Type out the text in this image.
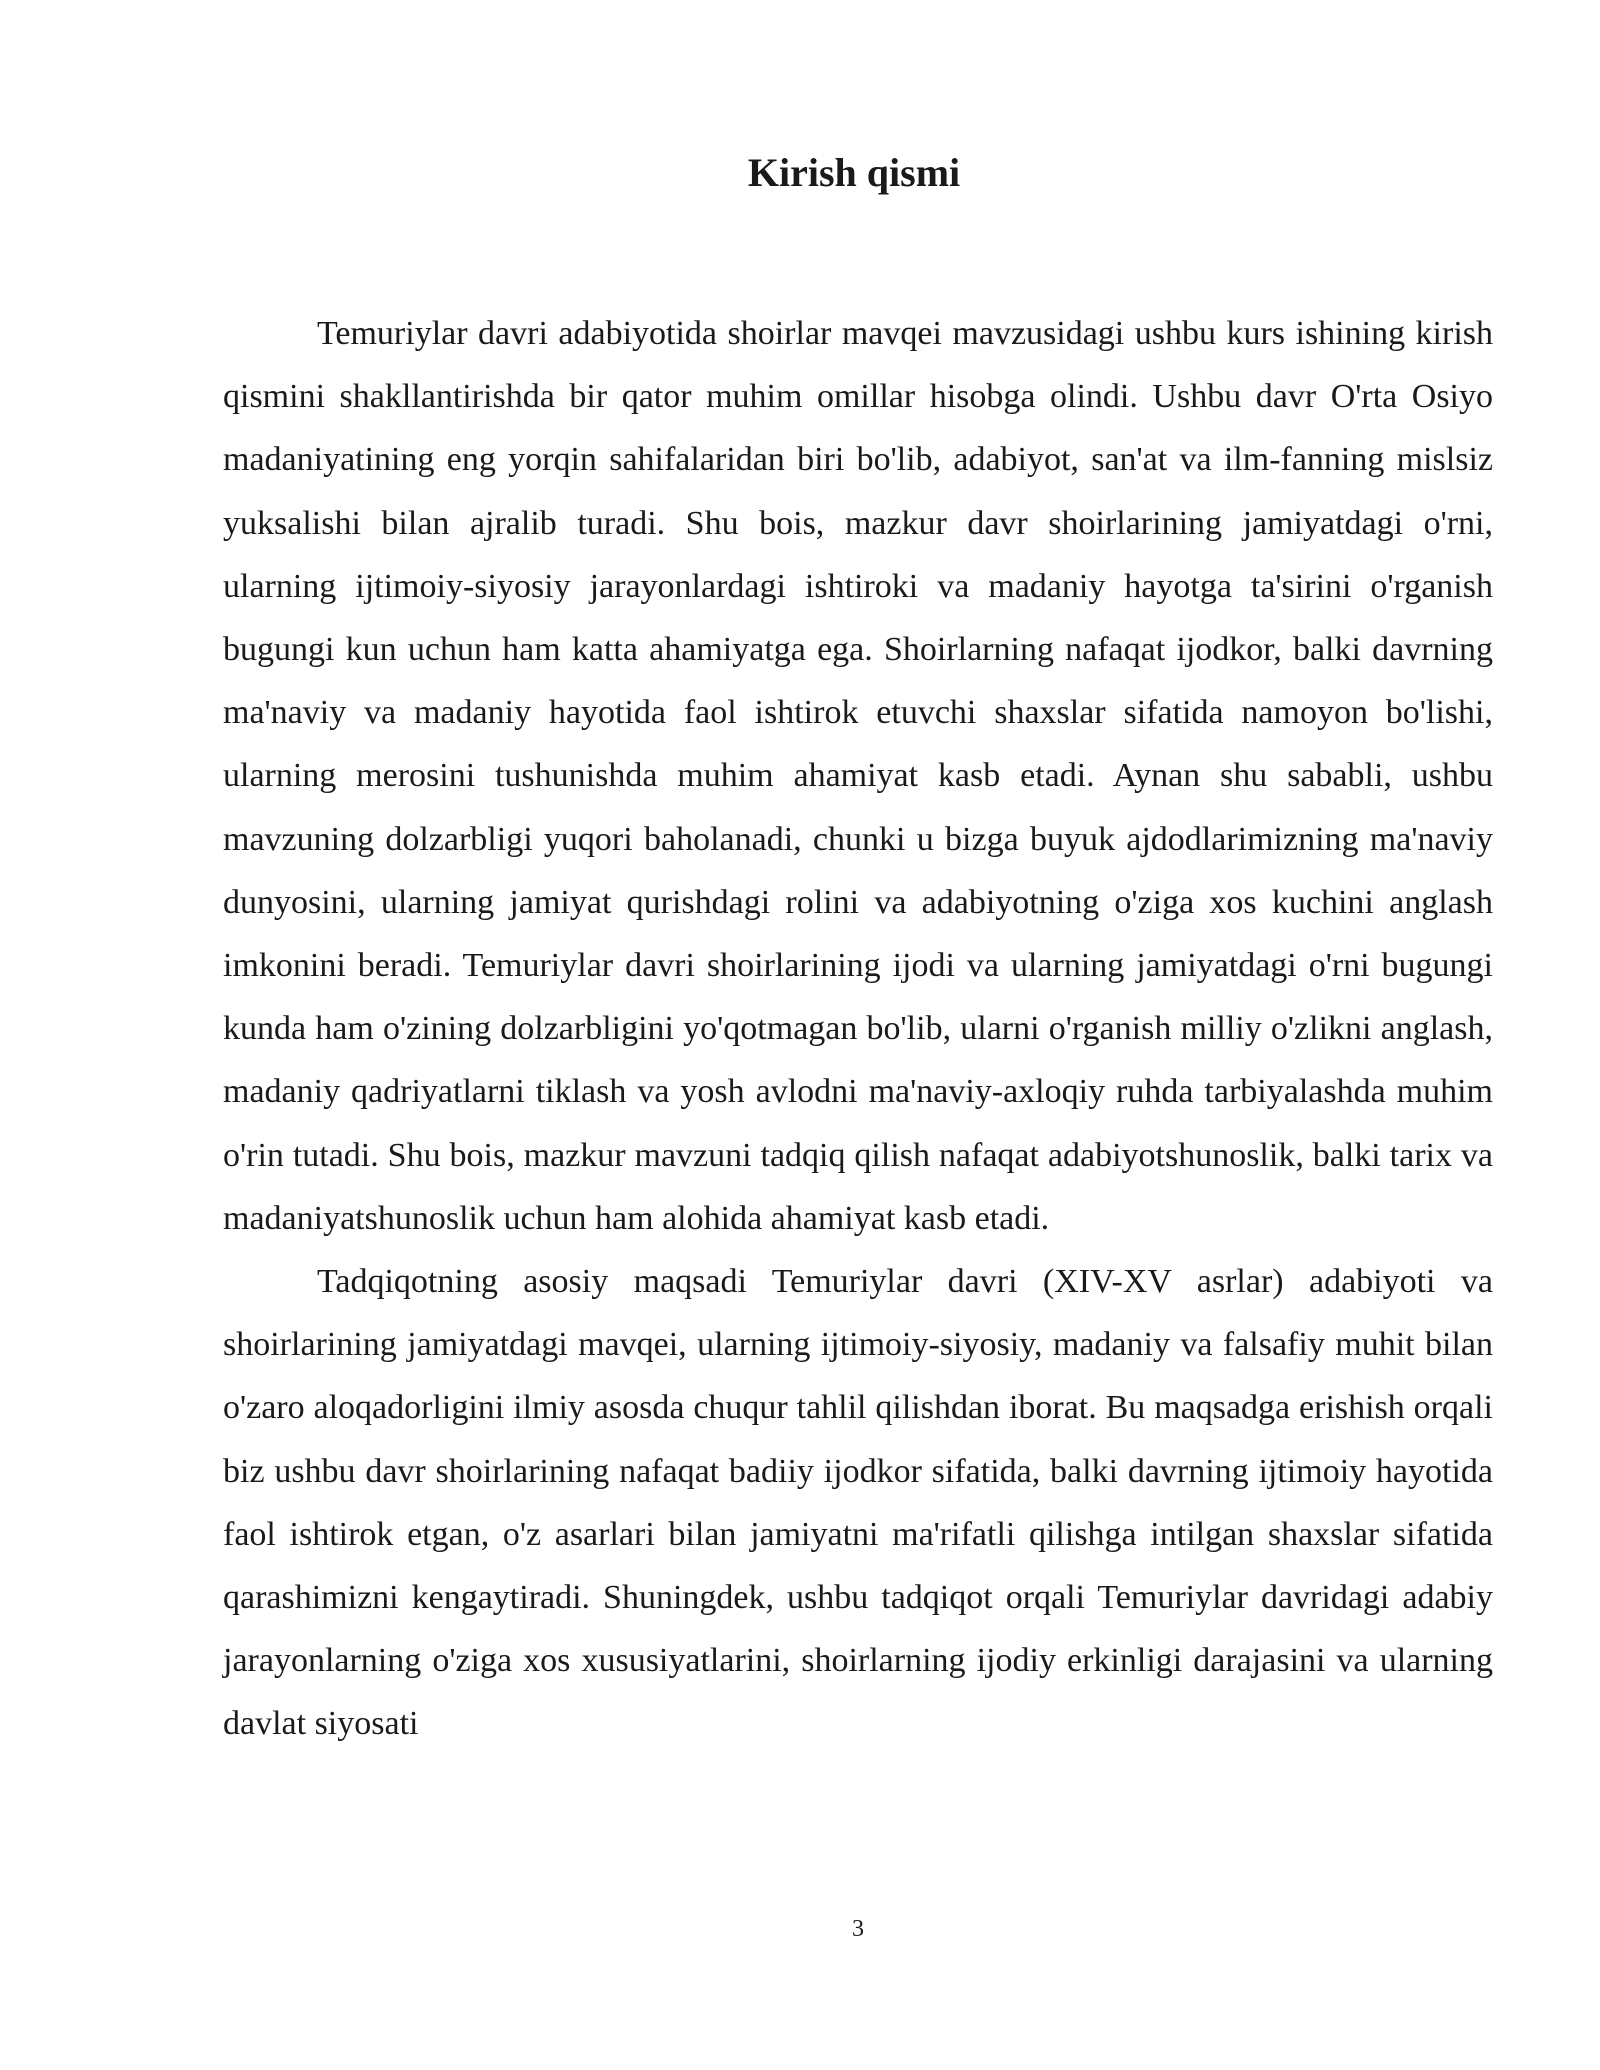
Kirish qismi

Temuriylar davri adabiyotida shoirlar mavqei mavzusidagi ushbu kurs ishining kirish qismini shakllantirishda bir qator muhim omillar hisobga olindi. Ushbu davr O'rta Osiyo madaniyatining eng yorqin sahifalaridan biri bo'lib, adabiyot, san'at va ilm-fanning mislsiz yuksalishi bilan ajralib turadi. Shu bois, mazkur davr shoirlarining jamiyatdagi o'rni, ularning ijtimoiy-siyosiy jarayonlardagi ishtiroki va madaniy hayotga ta'sirini o'rganish bugungi kun uchun ham katta ahamiyatga ega. Shoirlarning nafaqat ijodkor, balki davrning ma'naviy va madaniy hayotida faol ishtirok etuvchi shaxslar sifatida namoyon bo'lishi, ularning merosini tushunishda muhim ahamiyat kasb etadi. Aynan shu sababli, ushbu mavzuning dolzarbligi yuqori baholanadi, chunki u bizga buyuk ajdodlarimizning ma'naviy dunyosini, ularning jamiyat qurishdagi rolini va adabiyotning o'ziga xos kuchini anglash imkonini beradi. Temuriylar davri shoirlarining ijodi va ularning jamiyatdagi o'rni bugungi kunda ham o'zining dolzarbligini yo'qotmagan bo'lib, ularni o'rganish milliy o'zlikni anglash, madaniy qadriyatlarni tiklash va yosh avlodni ma'naviy-axloqiy ruhda tarbiyalashda muhim o'rin tutadi. Shu bois, mazkur mavzuni tadqiq qilish nafaqat adabiyotshunoslik, balki tarix va madaniyatshunoslik uchun ham alohida ahamiyat kasb etadi.

Tadqiqotning asosiy maqsadi Temuriylar davri (XIV-XV asrlar) adabiyoti va shoirlarining jamiyatdagi mavqei, ularning ijtimoiy-siyosiy, madaniy va falsafiy muhit bilan o'zaro aloqadorligini ilmiy asosda chuqur tahlil qilishdan iborat. Bu maqsadga erishish orqali biz ushbu davr shoirlarining nafaqat badiiy ijodkor sifatida, balki davrning ijtimoiy hayotida faol ishtirok etgan, o'z asarlari bilan jamiyatni ma'rifatli qilishga intilgan shaxslar sifatida qarashimizni kengaytiradi. Shuningdek, ushbu tadqiqot orqali Temuriylar davridagi adabiy jarayonlarning o'ziga xos xususiyatlarini, shoirlarning ijodiy erkinligi darajasini va ularning davlat siyosati

3
